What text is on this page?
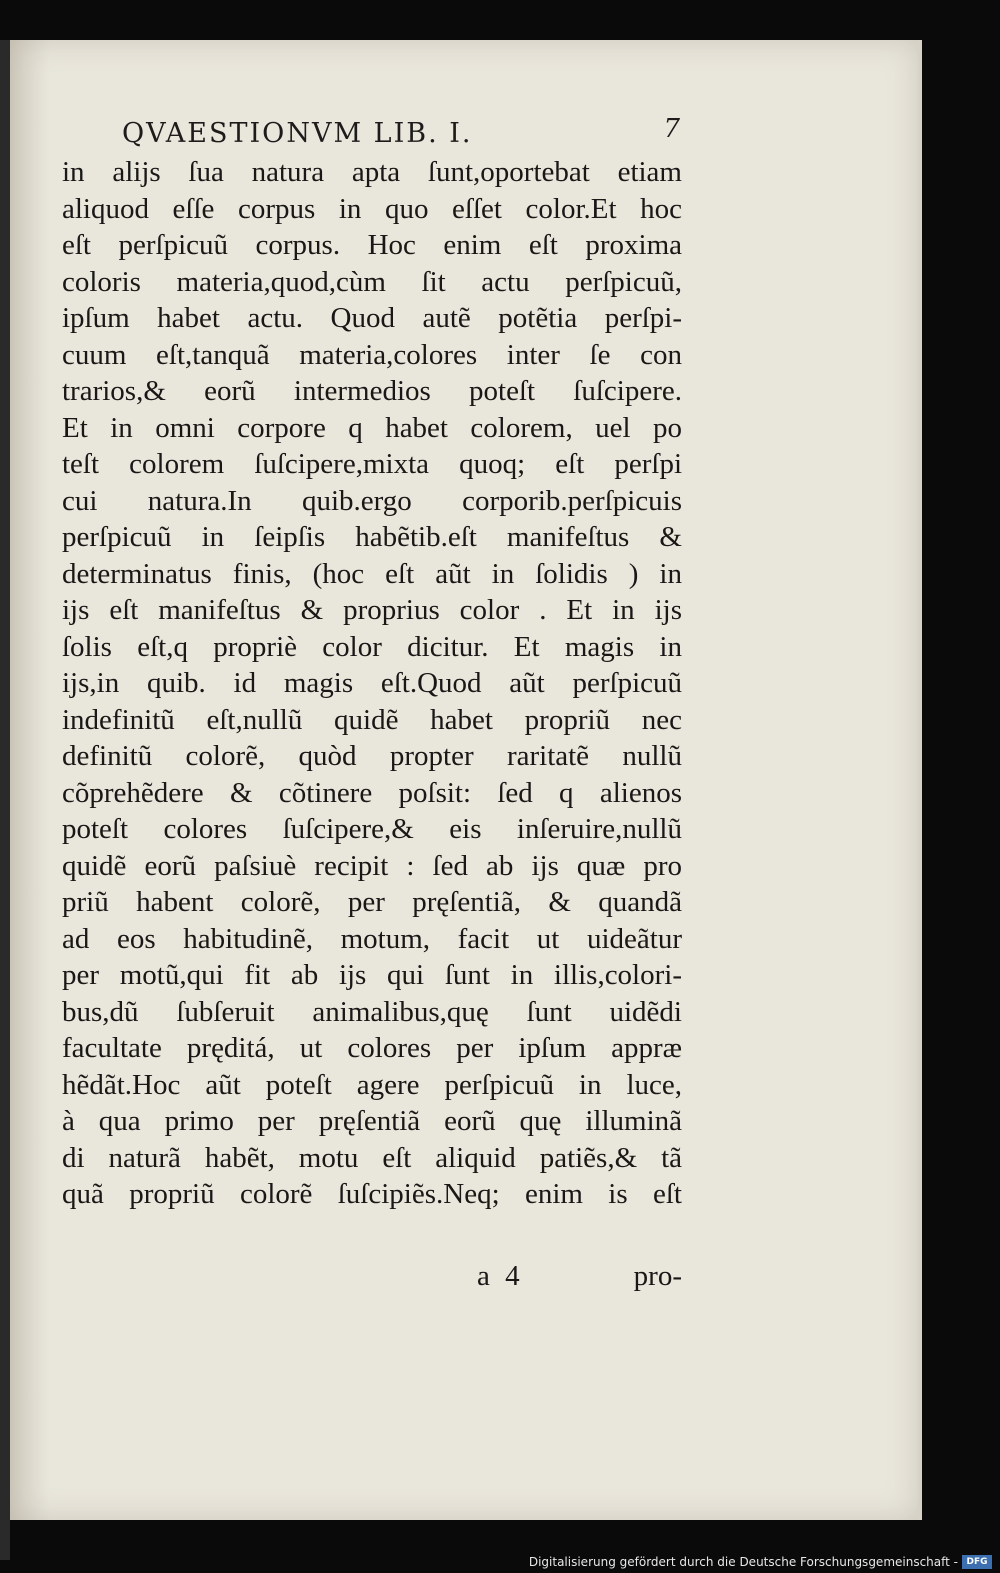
QVAESTIONVM LIB. I.	7
in alijs ſua natura apta ſunt,oportebat etiam
aliquod eſſe corpus in quo eſſet color.Et hoc
eſt perſpicuũ corpus. Hoc enim eſt proxima
coloris materia,quod,cùm ſit actu perſpicuũ,
ipſum habet actu. Quod autẽ potẽtia perſpi-
cuum eſt,tanquã materia,colores inter ſe con
trarios,& eorũ intermedios poteſt ſuſcipere.
Et in omni corpore q habet colorem, uel po
teſt colorem ſuſcipere,mixta quoq; eſt perſpi
cui natura.In quib.ergo corporib.perſpicuis
perſpicuũ in ſeipſis habẽtib.eſt manifeſtus &
determinatus finis, (hoc eſt aũt in ſolidis ) in
ijs eſt manifeſtus & proprius color . Et in ijs
ſolis eſt,q propriè color dicitur. Et magis in
ijs,in quib. id magis eſt.Quod aũt perſpicuũ
indefinitũ eſt,nullũ quidẽ habet propriũ nec
definitũ colorẽ, quòd propter raritatẽ nullũ
cõprehẽdere & cõtinere poſsit: ſed q alienos
poteſt colores ſuſcipere,& eis inſeruire,nullũ
quidẽ eorũ paſsiuè recipit : ſed ab ijs quæ pro
priũ habent colorẽ, per pręſentiã, & quandã
ad eos habitudinẽ, motum, facit ut uideãtur
per motũ,qui fit ab ijs qui ſunt in illis,colori-
bus,dũ ſubſeruit animalibus,quę ſunt uidẽdi
facultate pręditá, ut colores per ipſum appræ
hẽdãt.Hoc aũt poteſt agere perſpicuũ in luce,
à qua primo per pręſentiã eorũ quę illuminã
di naturã habẽt, motu eſt aliquid patiẽs,& tã
quã propriũ colorẽ ſuſcipiẽs.Neq; enim is eſt
a 4	pro-
Digitalisierung gefördert durch die Deutsche Forschungsgemeinschaft - DFG
